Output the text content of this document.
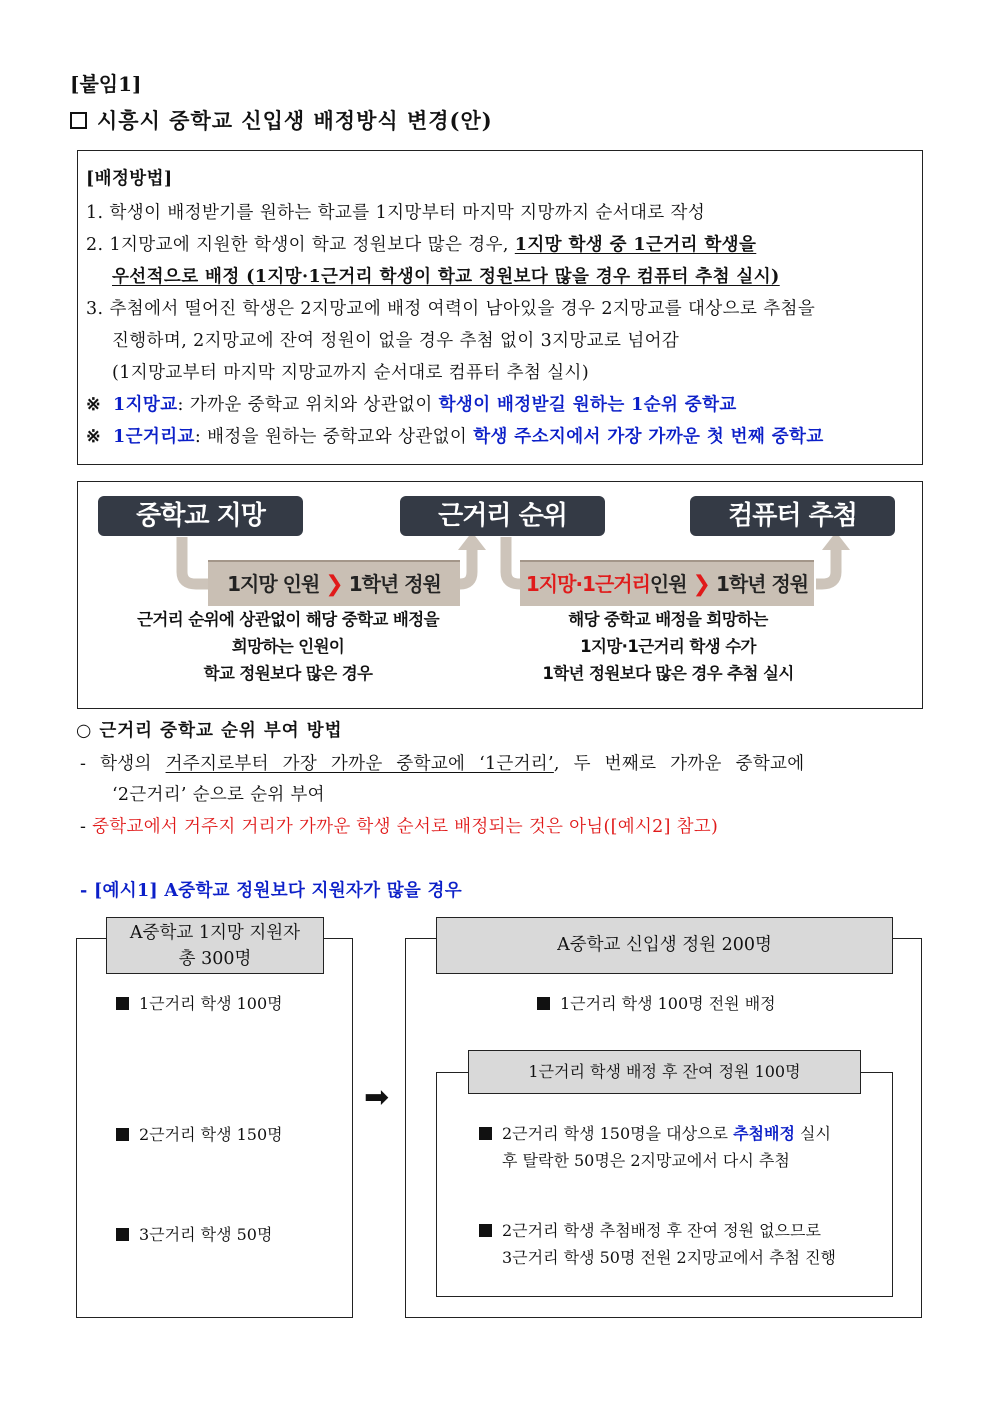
[붙임1]
시흥시 중학교 신입생 배정방식 변경(안)
[배정방법]
1. 학생이 배정받기를 원하는 학교를 1지망부터 마지막 지망까지 순서대로 작성
2. 1지망교에 지원한 학생이 학교 정원보다 많은 경우, 1지망 학생 중 1근거리 학생을
우선적으로 배정 (1지망·1근거리 학생이 학교 정원보다 많을 경우 컴퓨터 추첨 실시)
3. 추첨에서 떨어진 학생은 2지망교에 배정 여력이 남아있을 경우 2지망교를 대상으로 추첨을
진행하며, 2지망교에 잔여 정원이 없을 경우 추첨 없이 3지망교로 넘어감
(1지망교부터 마지막 지망교까지 순서대로 컴퓨터 추첨 실시)
※ 1지망교: 가까운 중학교 위치와 상관없이 학생이 배정받길 원하는 1순위 중학교
※ 1근거리교: 배정을 원하는 중학교와 상관없이 학생 주소지에서 가장 가까운 첫 번째 중학교
중학교 지망	근거리 순위	컴퓨터 추첨
1지망 인원 ❯ 1학년 정원	1지망·1근거리인원 ❯ 1학년 정원
근거리 순위에 상관없이 해당 중학교 배정을
희망하는 인원이
학교 정원보다 많은 경우
해당 중학교 배정을 희망하는
1지망·1근거리 학생 수가
1학년 정원보다 많은 경우 추첨 실시
○ 근거리 중학교 순위 부여 방법
- 학생의 거주지로부터 가장 가까운 중학교에 ‘1근거리’, 두 번째로 가까운 중학교에
‘2근거리’ 순으로 순위 부여
- 중학교에서 거주지 거리가 가까운 학생 순서로 배정되는 것은 아님([예시2] 참고)
- [예시1] A중학교 정원보다 지원자가 많을 경우
A중학교 1지망 지원자
총 300명
1근거리 학생 100명
2근거리 학생 150명
3근거리 학생 50명
➡
A중학교 신입생 정원 200명
1근거리 학생 100명 전원 배정
1근거리 학생 배정 후 잔여 정원 100명
2근거리 학생 150명을 대상으로 추첨배정 실시
후 탈락한 50명은 2지망교에서 다시 추첨
2근거리 학생 추첨배정 후 잔여 정원 없으므로
3근거리 학생 50명 전원 2지망교에서 추첨 진행
